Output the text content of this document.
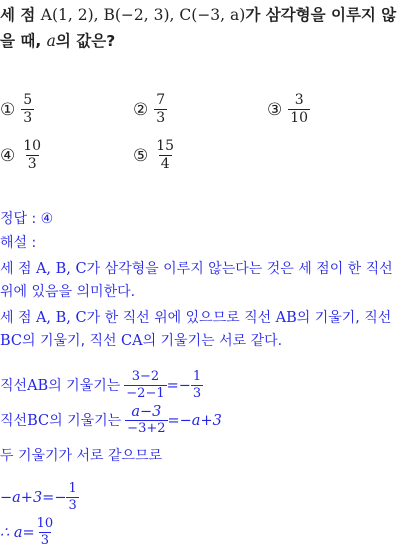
세 점 A(1, 2), B(−2, 3), C(−3, a)가 삼각형을 이루지 않을 때, a의 값은?
① $\frac{5}{3}$	② $\frac{7}{3}$	③ $\frac{3}{10}$
④ $\frac{10}{3}$	⑤ $\frac{15}{4}$
정답 : ④
해설 :
세 점 A, B, C가 삼각형을 이루지 않는다는 것은 세 점이 한 직선 위에 있음을 의미한다.
세 점 A, B, C가 한 직선 위에 있으므로 직선 AB의 기울기, 직선 BC의 기울기, 직선 CA의 기울기는 서로 같다.
직선 AB 의 기울기는 $\frac{3-2}{-2-1} =- \frac{1}{3}$
직선 BC 의 기울기는 $\frac{a-3}{-3+2} =-a+3$
두 기울기가 서로 같으므로
$-a+3=- \frac{1}{3}$
∴ $a= \frac{10}{3}$
